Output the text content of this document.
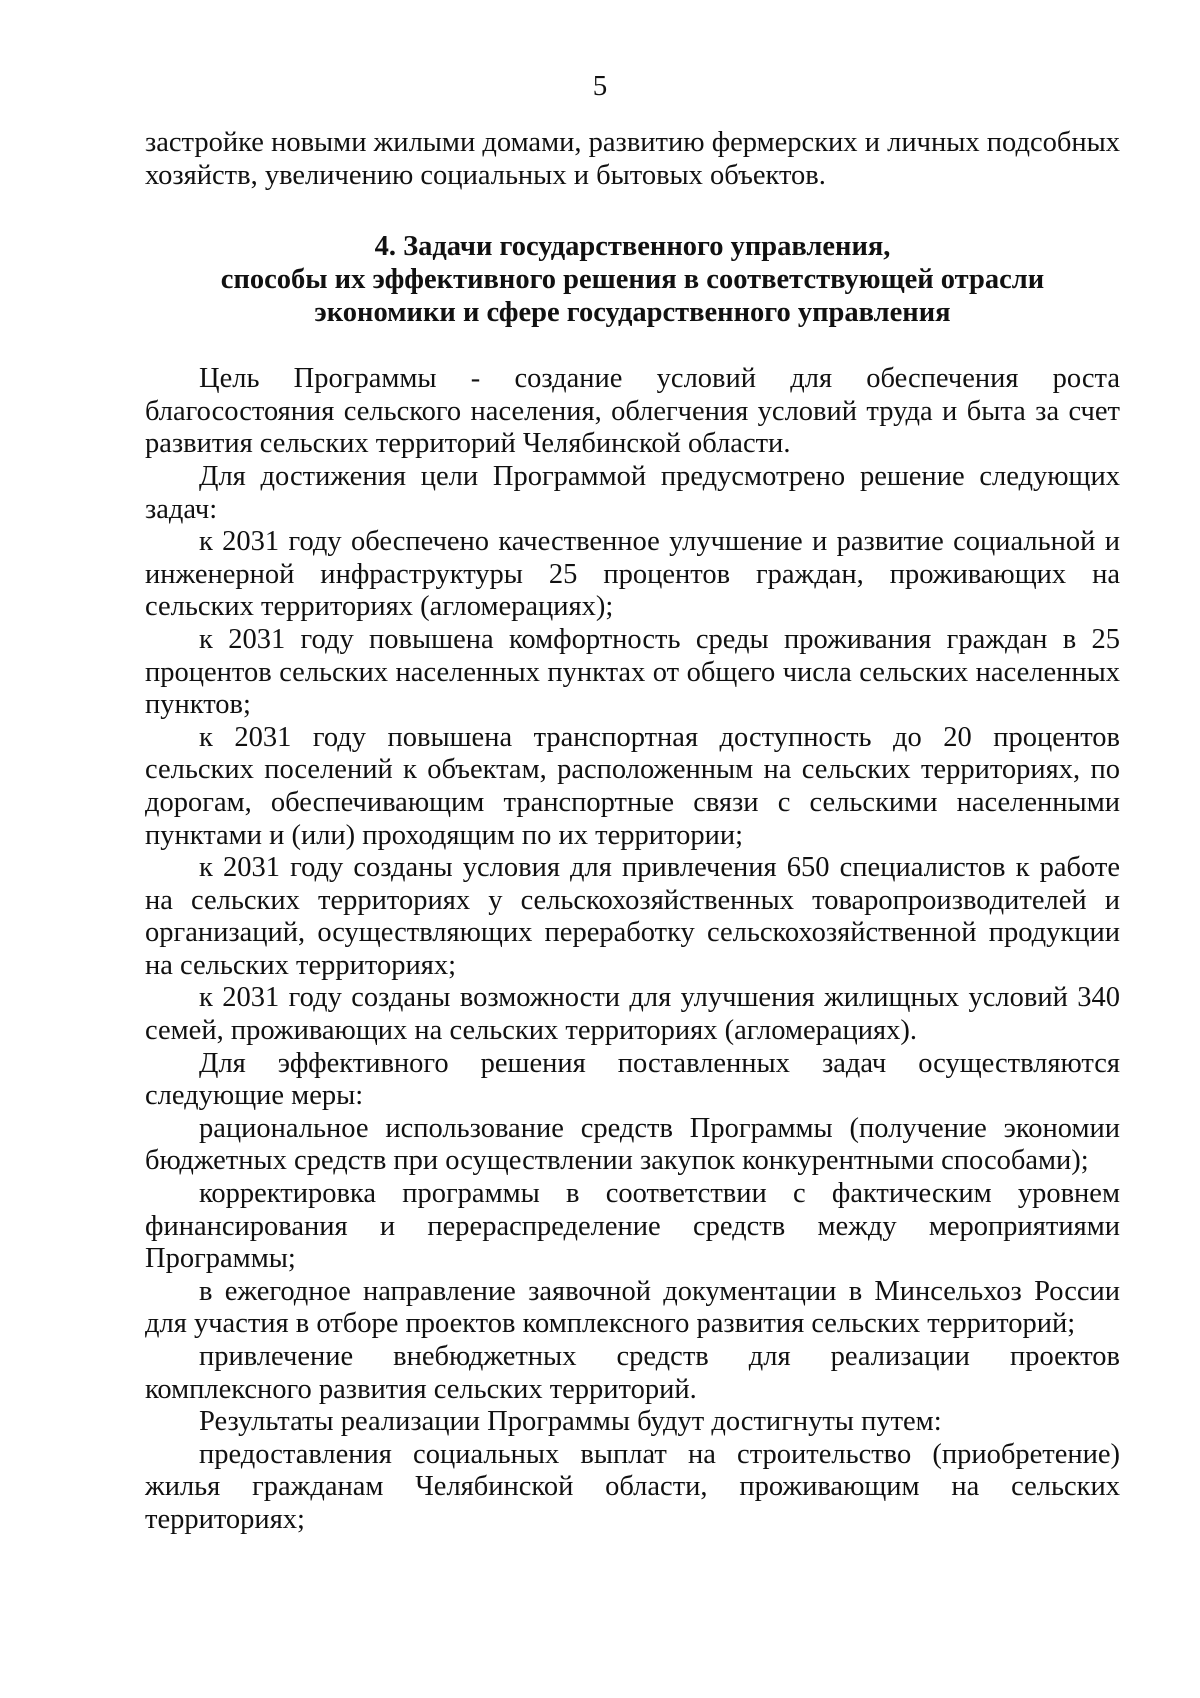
5

застройке новыми жилыми домами, развитию фермерских и личных подсобных хозяйств, увеличению социальных и бытовых объектов.

4. Задачи государственного управления,
способы их эффективного решения в соответствующей отрасли
экономики и сфере государственного управления

Цель Программы - создание условий для обеспечения роста благосостояния сельского населения, облегчения условий труда и быта за счет развития сельских территорий Челябинской области.

Для достижения цели Программой предусмотрено решение следующих задач:

к 2031 году обеспечено качественное улучшение и развитие социальной и инженерной инфраструктуры 25 процентов граждан, проживающих на сельских территориях (агломерациях);

к 2031 году повышена комфортность среды проживания граждан в 25 процентов сельских населенных пунктах от общего числа сельских населенных пунктов;

к 2031 году повышена транспортная доступность до 20 процентов сельских поселений к объектам, расположенным на сельских территориях, по дорогам, обеспечивающим транспортные связи с сельскими населенными пунктами и (или) проходящим по их территории;

к 2031 году созданы условия для привлечения 650 специалистов к работе на сельских территориях у сельскохозяйственных товаропроизводителей и организаций, осуществляющих переработку сельскохозяйственной продукции на сельских территориях;

к 2031 году созданы возможности для улучшения жилищных условий 340 семей, проживающих на сельских территориях (агломерациях).

Для эффективного решения поставленных задач осуществляются следующие меры:

рациональное использование средств Программы (получение экономии бюджетных средств при осуществлении закупок конкурентными способами);

корректировка программы в соответствии с фактическим уровнем финансирования и перераспределение средств между мероприятиями Программы;

в ежегодное направление заявочной документации в Минсельхоз России для участия в отборе проектов комплексного развития сельских территорий;

привлечение внебюджетных средств для реализации проектов комплексного развития сельских территорий.

Результаты реализации Программы будут достигнуты путем:

предоставления социальных выплат на строительство (приобретение) жилья гражданам Челябинской области, проживающим на сельских территориях;
